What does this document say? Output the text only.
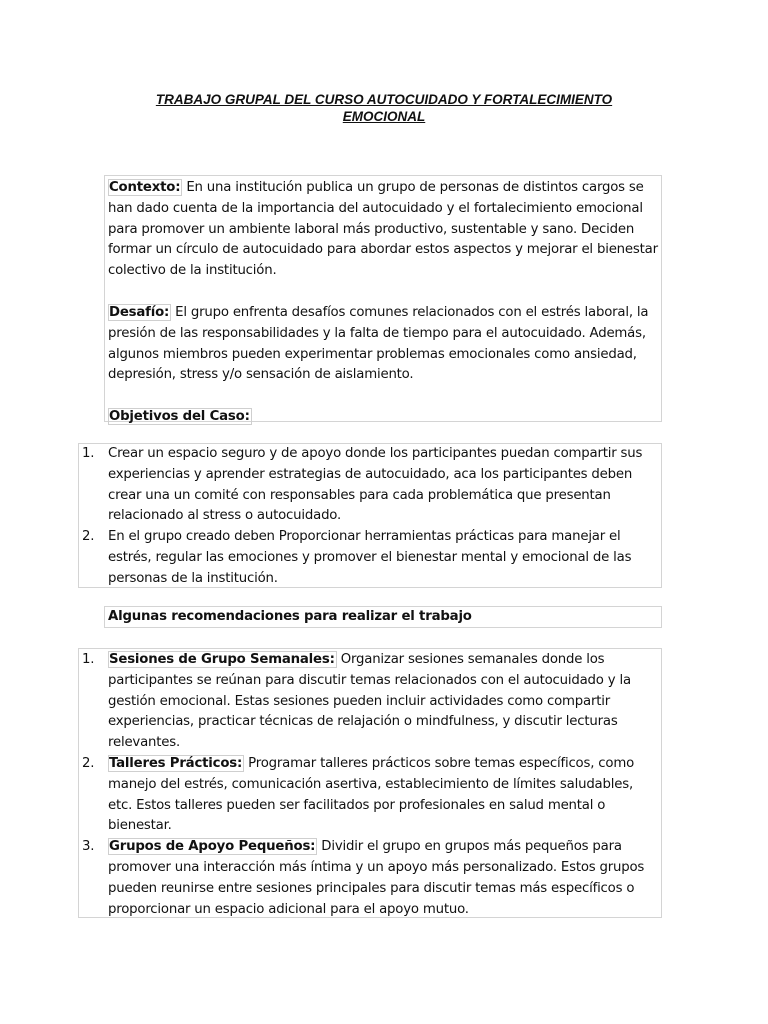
TRABAJO GRUPAL DEL CURSO AUTOCUIDADO Y FORTALECIMIENTO
EMOCIONAL

Contexto: En una institución publica un grupo de personas de distintos cargos se han dado cuenta de la importancia del autocuidado y el fortalecimiento emocional para promover un ambiente laboral más productivo, sustentable y sano. Deciden formar un círculo de autocuidado para abordar estos aspectos y mejorar el bienestar colectivo de la institución.

Desafío: El grupo enfrenta desafíos comunes relacionados con el estrés laboral, la presión de las responsabilidades y la falta de tiempo para el autocuidado. Además, algunos miembros pueden experimentar problemas emocionales como ansiedad, depresión, stress y/o sensación de aislamiento.

Objetivos del Caso:

1.	Crear un espacio seguro y de apoyo donde los participantes puedan compartir sus experiencias y aprender estrategias de autocuidado, aca los participantes deben crear una un comité con responsables para cada problemática que presentan relacionado al stress o autocuidado.
2.	En el grupo creado deben Proporcionar herramientas prácticas para manejar el estrés, regular las emociones y promover el bienestar mental y emocional de las personas de la institución.
Algunas recomendaciones para realizar el trabajo
1.	Sesiones de Grupo Semanales: Organizar sesiones semanales donde los participantes se reúnan para discutir temas relacionados con el autocuidado y la gestión emocional. Estas sesiones pueden incluir actividades como compartir experiencias, practicar técnicas de relajación o mindfulness, y discutir lecturas relevantes.
2.	Talleres Prácticos: Programar talleres prácticos sobre temas específicos, como manejo del estrés, comunicación asertiva, establecimiento de límites saludables, etc. Estos talleres pueden ser facilitados por profesionales en salud mental o bienestar.
3.	Grupos de Apoyo Pequeños: Dividir el grupo en grupos más pequeños para promover una interacción más íntima y un apoyo más personalizado. Estos grupos pueden reunirse entre sesiones principales para discutir temas más específicos o proporcionar un espacio adicional para el apoyo mutuo.
